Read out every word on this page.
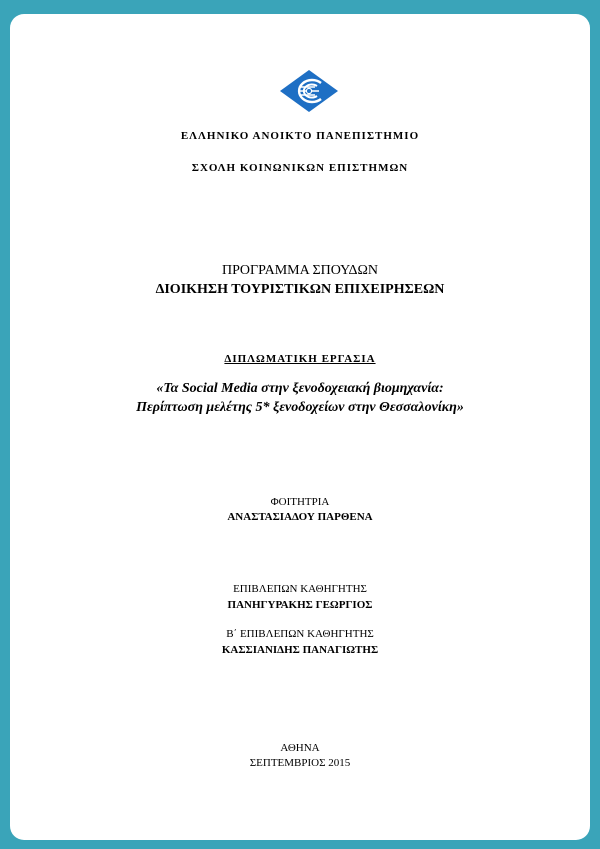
ΕΛΛΗΝΙΚΟ ΑΝΟΙΚΤΟ ΠΑΝΕΠΙΣΤΗΜΙΟ
ΣΧΟΛΗ ΚΟΙΝΩΝΙΚΩΝ ΕΠΙΣΤΗΜΩΝ
ΠΡΟΓΡΑΜΜΑ ΣΠΟΥΔΩΝ
ΔΙΟΙΚΗΣΗ ΤΟΥΡΙΣΤΙΚΩΝ ΕΠΙΧΕΙΡΗΣΕΩΝ
ΔΙΠΛΩΜΑΤΙΚΗ ΕΡΓΑΣΙΑ
«Τα Social Media στην ξενοδοχειακή βιομηχανία:
Περίπτωση μελέτης 5* ξενοδοχείων στην Θεσσαλονίκη»
ΦΟΙΤΗΤΡΙΑ
ΑΝΑΣΤΑΣΙΑΔΟΥ ΠΑΡΘΕΝΑ
ΕΠΙΒΛΕΠΩΝ ΚΑΘΗΓΗΤΗΣ
ΠΑΝΗΓΥΡΑΚΗΣ ΓΕΩΡΓΙΟΣ
Β΄ ΕΠΙΒΛΕΠΩΝ ΚΑΘΗΓΗΤΗΣ
ΚΑΣΣΙΑΝΙΔΗΣ ΠΑΝΑΓΙΩΤΗΣ
ΑΘΗΝΑ
ΣΕΠΤΕΜΒΡΙΟΣ 2015
